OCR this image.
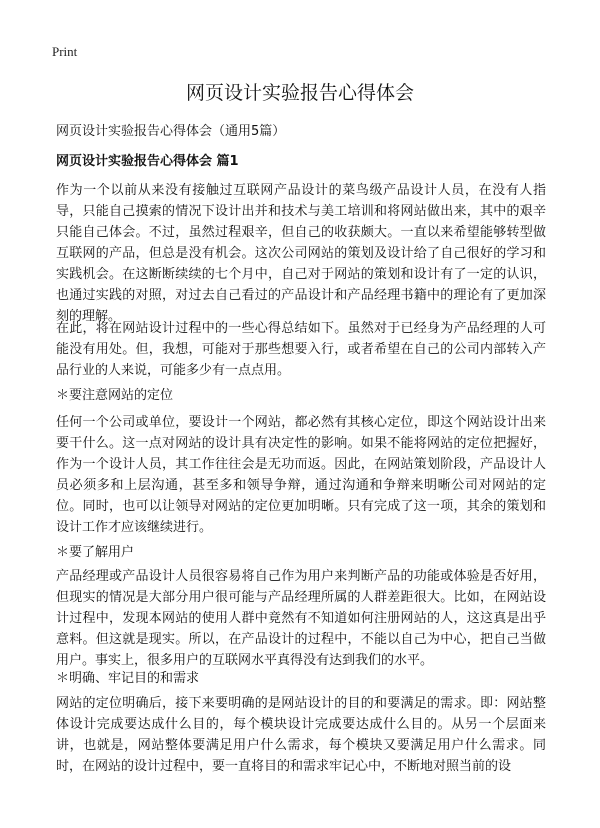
Print
网页设计实验报告心得体会
网页设计实验报告心得体会（通用5篇）
网页设计实验报告心得体会 篇1

作为一个以前从来没有接触过互联网产品设计的菜鸟级产品设计人员，在没有人指导，只能自己摸索的情况下设计出并和技术与美工培训和将网站做出来，其中的艰辛只能自己体会。不过，虽然过程艰辛，但自己的收获颇大。一直以来希望能够转型做互联网的产品，但总是没有机会。这次公司网站的策划及设计给了自己很好的学习和实践机会。在这断断续续的七个月中，自己对于网站的策划和设计有了一定的认识，也通过实践的对照，对过去自己看过的产品设计和产品经理书籍中的理论有了更加深刻的理解。

在此，将在网站设计过程中的一些心得总结如下。虽然对于已经身为产品经理的人可能没有用处。但，我想，可能对于那些想要入行，或者希望在自己的公司内部转入产品行业的人来说，可能多少有一点点用。

＊要注意网站的定位

任何一个公司或单位，要设计一个网站，都必然有其核心定位，即这个网站设计出来要干什么。这一点对网站的设计具有决定性的影响。如果不能将网站的定位把握好，作为一个设计人员，其工作往往会是无功而返。因此，在网站策划阶段，产品设计人员必须多和上层沟通，甚至多和领导争辩，通过沟通和争辩来明晰公司对网站的定位。同时，也可以让领导对网站的定位更加明晰。只有完成了这一项，其余的策划和设计工作才应该继续进行。

＊要了解用户

产品经理或产品设计人员很容易将自己作为用户来判断产品的功能或体验是否好用，但现实的情况是大部分用户很可能与产品经理所属的人群差距很大。比如，在网站设计过程中，发现本网站的使用人群中竟然有不知道如何注册网站的人，这这真是出乎意料。但这就是现实。所以，在产品设计的过程中，不能以自己为中心，把自己当做用户。事实上，很多用户的互联网水平真得没有达到我们的水平。

＊明确、牢记目的和需求

网站的定位明确后，接下来要明确的是网站设计的目的和要满足的需求。即：网站整体设计完成要达成什么目的，每个模块设计完成要达成什么目的。从另一个层面来讲，也就是，网站整体要满足用户什么需求，每个模块又要满足用户什么需求。同时，在网站的设计过程中，要一直将目的和需求牢记心中，不断地对照当前的设
